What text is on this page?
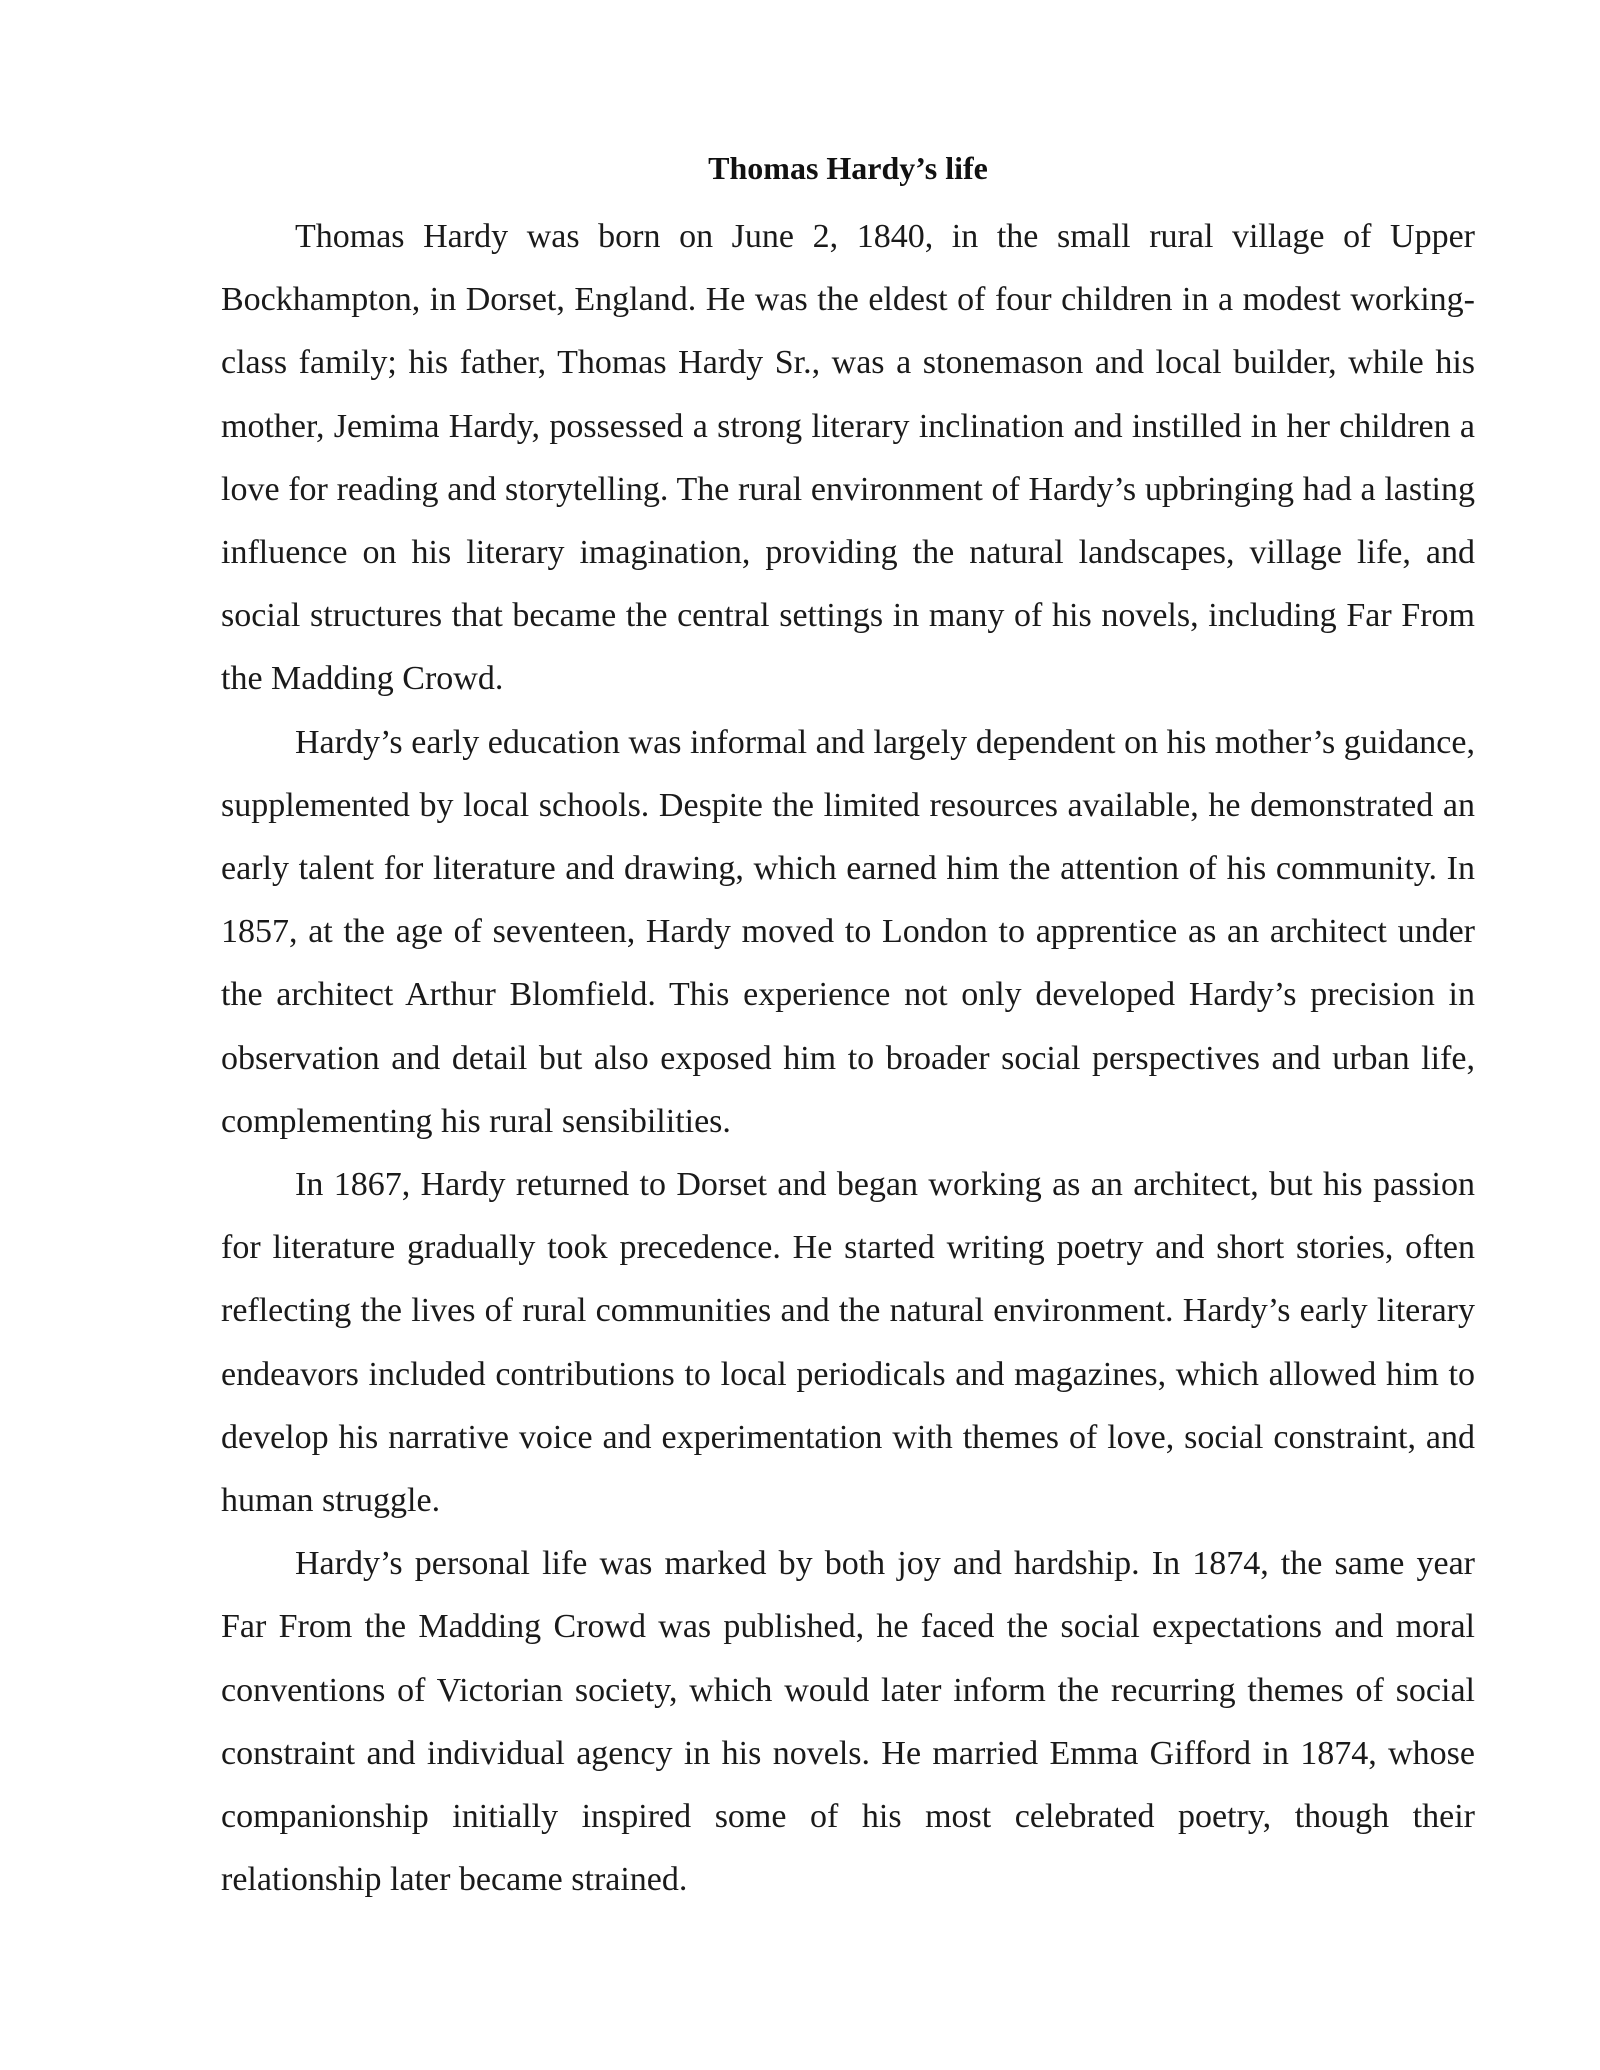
Thomas Hardy’s life

Thomas Hardy was born on June 2, 1840, in the small rural village of Upper Bockhampton, in Dorset, England. He was the eldest of four children in a modest working-class family; his father, Thomas Hardy Sr., was a stonemason and local builder, while his mother, Jemima Hardy, possessed a strong literary inclination and instilled in her children a love for reading and storytelling. The rural environment of Hardy’s upbringing had a lasting influence on his literary imagination, providing the natural landscapes, village life, and social structures that became the central settings in many of his novels, including Far From the Madding Crowd.

Hardy’s early education was informal and largely dependent on his mother’s guidance, supplemented by local schools. Despite the limited resources available, he demonstrated an early talent for literature and drawing, which earned him the attention of his community. In 1857, at the age of seventeen, Hardy moved to London to apprentice as an architect under the architect Arthur Blomfield. This experience not only developed Hardy’s precision in observation and detail but also exposed him to broader social perspectives and urban life, complementing his rural sensibilities.

In 1867, Hardy returned to Dorset and began working as an architect, but his passion for literature gradually took precedence. He started writing poetry and short stories, often reflecting the lives of rural communities and the natural environment. Hardy’s early literary endeavors included contributions to local periodicals and magazines, which allowed him to develop his narrative voice and experimentation with themes of love, social constraint, and human struggle.

Hardy’s personal life was marked by both joy and hardship. In 1874, the same year Far From the Madding Crowd was published, he faced the social expectations and moral conventions of Victorian society, which would later inform the recurring themes of social constraint and individual agency in his novels. He married Emma Gifford in 1874, whose companionship initially inspired some of his most celebrated poetry, though their relationship later became strained.
